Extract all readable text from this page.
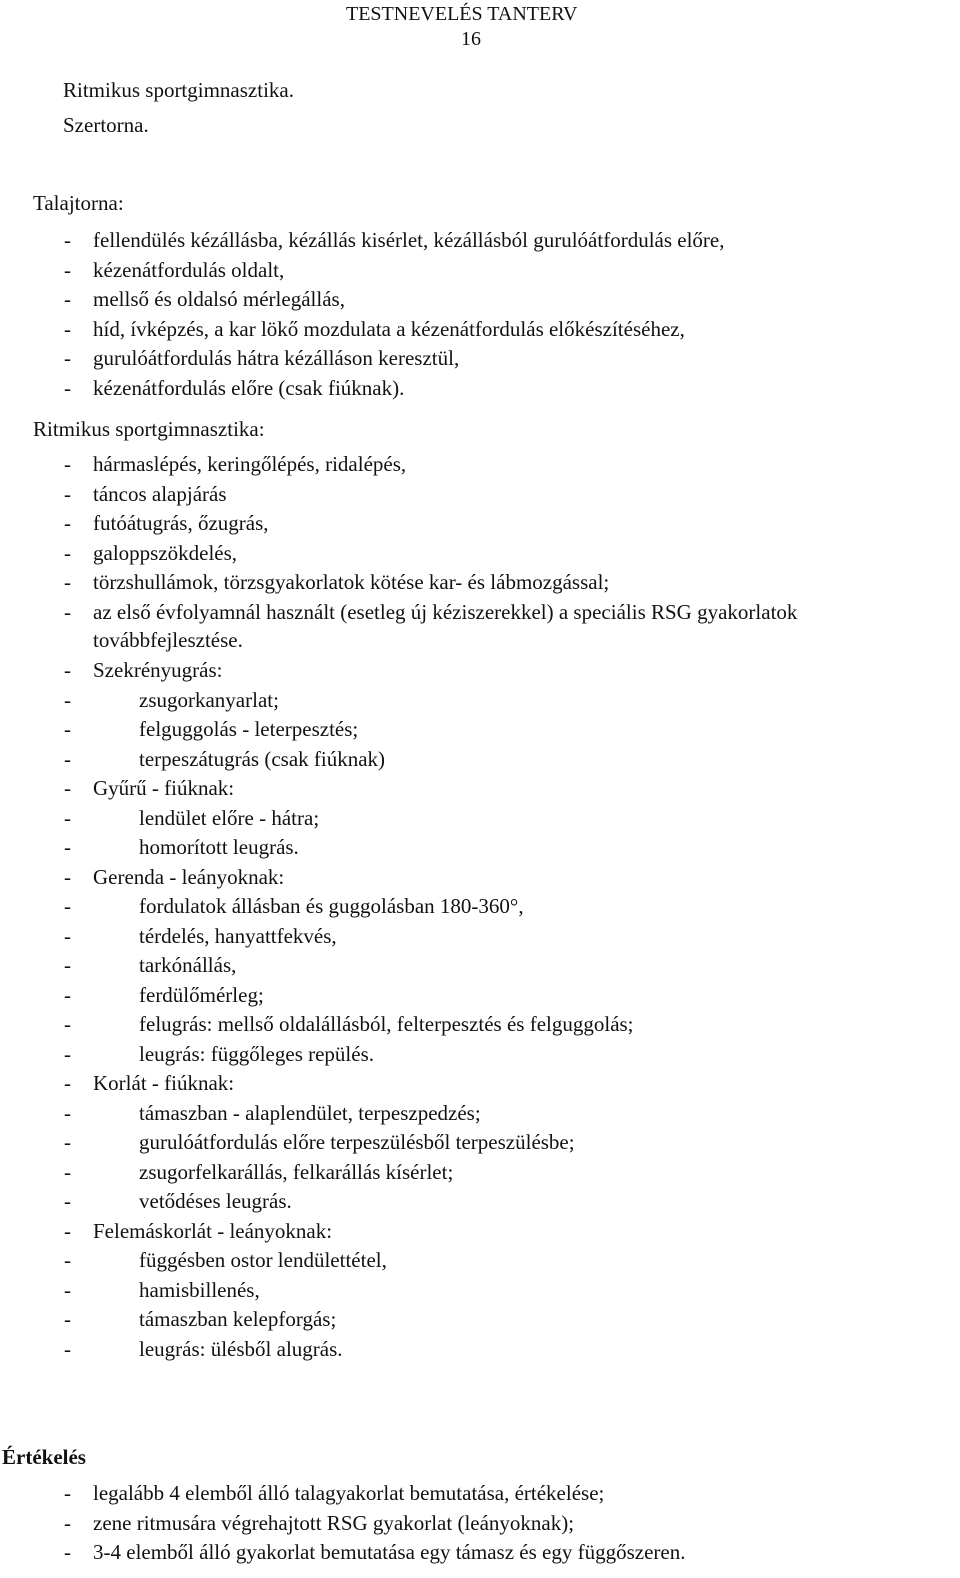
TESTNEVELÉS TANTERV
16
Ritmikus sportgimnasztika.
Szertorna.
Talajtorna:
- fellendülés kézállásba, kézállás kisérlet, kézállásból gurulóátfordulás előre,
- kézenátfordulás oldalt,
- mellső és oldalsó mérlegállás,
- híd, ívképzés, a kar lökő mozdulata a kézenátfordulás előkészítéséhez,
- gurulóátfordulás hátra kézálláson keresztül,
- kézenátfordulás előre (csak fiúknak).
Ritmikus sportgimnasztika:
- hármaslépés, keringőlépés, ridalépés,
- táncos alapjárás
- futóátugrás, őzugrás,
- galoppszökdelés,
- törzshullámok, törzsgyakorlatok kötése kar- és lábmozgással;
- az első évfolyamnál használt (esetleg új kéziszerekkel) a speciális RSG gyakorlatok
továbbfejlesztése.
- Szekrényugrás:
-	zsugorkanyarlat;
-	felguggolás - leterpesztés;
-	terpeszátugrás (csak fiúknak)
- Gyűrű - fiúknak:
-	lendület előre - hátra;
-	homorított leugrás.
- Gerenda - leányoknak:
-	fordulatok állásban és guggolásban 180-360°,
-	térdelés, hanyattfekvés,
-	tarkónállás,
-	ferdülőmérleg;
-	felugrás: mellső oldalállásból, felterpesztés és felguggolás;
-	leugrás: függőleges repülés.
- Korlát - fiúknak:
-	támaszban - alaplendület, terpeszpedzés;
-	gurulóátfordulás előre terpeszülésből terpeszülésbe;
-	zsugorfelkarállás, felkarállás kísérlet;
-	vetődéses leugrás.
- Felemáskorlát - leányoknak:
-	függésben ostor lendülettétel,
-	hamisbillenés,
-	támaszban kelepforgás;
-	leugrás: ülésből alugrás.
Értékelés
- legalább 4 elemből álló talagyakorlat bemutatása, értékelése;
- zene ritmusára végrehajtott RSG gyakorlat (leányoknak);
- 3-4 elemből álló gyakorlat bemutatása egy támasz és egy függőszeren.
